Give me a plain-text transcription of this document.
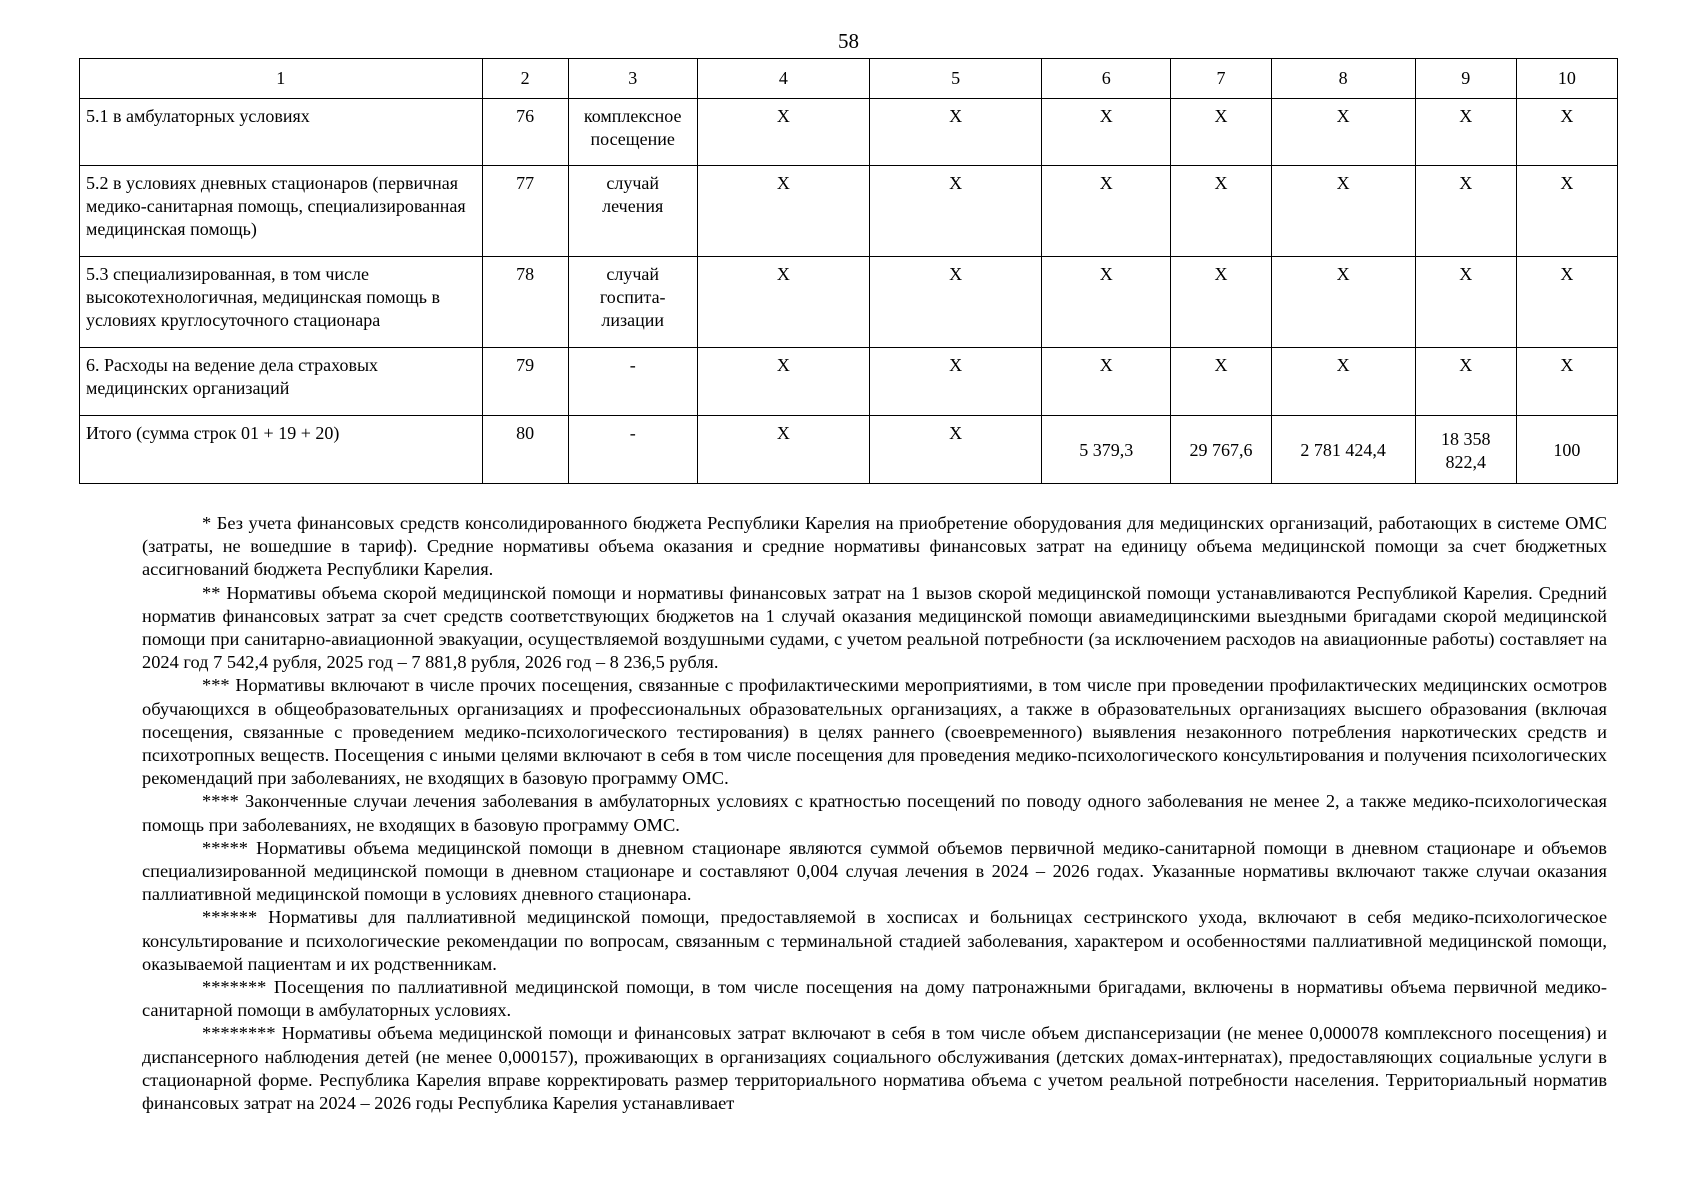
58
1	2	3	4	5	6	7	8	9	10
5.1 в амбулаторных условиях	76	комплексное посещение	X	X	X	X	X	X	X
5.2 в условиях дневных стационаров (первичная медико-санитарная помощь, специализированная медицинская помощь)	77	случай лечения	X	X	X	X	X	X	X
5.3 специализированная, в том числе высокотехнологичная, медицинская помощь в условиях круглосуточного стационара	78	случай госпита-лизации	X	X	X	X	X	X	X
6. Расходы на ведение дела страховых медицинских организаций	79	-	X	X	X	X	X	X	X
Итого (сумма строк 01 + 19 + 20)	80	-	X	X	5 379,3	29 767,6	2 781 424,4	18 358 822,4	100

* Без учета финансовых средств консолидированного бюджета Республики Карелия на приобретение оборудования для медицинских организаций, работающих в системе ОМС (затраты, не вошедшие в тариф). Средние нормативы объема оказания и средние нормативы финансовых затрат на единицу объема медицинской помощи за счет бюджетных ассигнований бюджета Республики Карелия.

** Нормативы объема скорой медицинской помощи и нормативы финансовых затрат на 1 вызов скорой медицинской помощи устанавливаются Республикой Карелия. Средний норматив финансовых затрат за счет средств соответствующих бюджетов на 1 случай оказания медицинской помощи авиамедицинскими выездными бригадами скорой медицинской помощи при санитарно-авиационной эвакуации, осуществляемой воздушными судами, с учетом реальной потребности (за исключением расходов на авиационные работы) составляет на 2024 год 7 542,4 рубля, 2025 год – 7 881,8 рубля, 2026 год – 8 236,5 рубля.

*** Нормативы включают в числе прочих посещения, связанные с профилактическими мероприятиями, в том числе при проведении профилактических медицинских осмотров обучающихся в общеобразовательных организациях и профессиональных образовательных организациях, а также в образовательных организациях высшего образования (включая посещения, связанные с проведением медико-психологического тестирования) в целях раннего (своевременного) выявления незаконного потребления наркотических средств и психотропных веществ. Посещения с иными целями включают в себя в том числе посещения для проведения медико-психологического консультирования и получения психологических рекомендаций при заболеваниях, не входящих в базовую программу ОМС.

**** Законченные случаи лечения заболевания в амбулаторных условиях с кратностью посещений по поводу одного заболевания не менее 2, а также медико-психологическая помощь при заболеваниях, не входящих в базовую программу ОМС.

***** Нормативы объема медицинской помощи в дневном стационаре являются суммой объемов первичной медико-санитарной помощи в дневном стационаре и объемов специализированной медицинской помощи в дневном стационаре и составляют 0,004 случая лечения в 2024 – 2026 годах. Указанные нормативы включают также случаи оказания паллиативной медицинской помощи в условиях дневного стационара.

****** Нормативы для паллиативной медицинской помощи, предоставляемой в хосписах и больницах сестринского ухода, включают в себя медико-психологическое консультирование и психологические рекомендации по вопросам, связанным с терминальной стадией заболевания, характером и особенностями паллиативной медицинской помощи, оказываемой пациентам и их родственникам.

******* Посещения по паллиативной медицинской помощи, в том числе посещения на дому патронажными бригадами, включены в нормативы объема первичной медико-санитарной помощи в амбулаторных условиях.

******** Нормативы объема медицинской помощи и финансовых затрат включают в себя в том числе объем диспансеризации (не менее 0,000078 комплексного посещения) и диспансерного наблюдения детей (не менее 0,000157), проживающих в организациях социального обслуживания (детских домах-интернатах), предоставляющих социальные услуги в стационарной форме. Республика Карелия вправе корректировать размер территориального норматива объема с учетом реальной потребности населения. Территориальный норматив финансовых затрат на 2024 – 2026 годы Республика Карелия устанавливает
